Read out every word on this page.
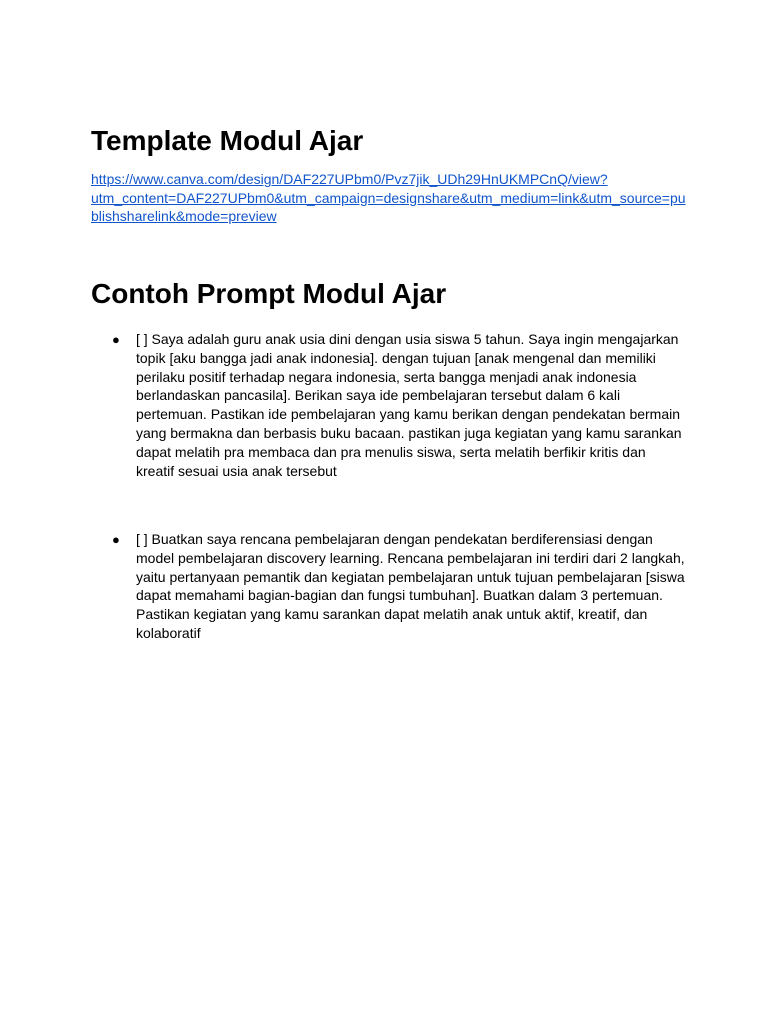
Template Modul Ajar
https://www.canva.com/design/DAF227UPbm0/Pvz7jik_UDh29HnUKMPCnQ/view?
utm_content=DAF227UPbm0&utm_campaign=designshare&utm_medium=link&utm_source=pu
blishsharelink&mode=preview
Contoh Prompt Modul Ajar
● [ ] Saya adalah guru anak usia dini dengan usia siswa 5 tahun. Saya ingin mengajarkan
topik [aku bangga jadi anak indonesia]. dengan tujuan [anak mengenal dan memiliki
perilaku positif terhadap negara indonesia, serta bangga menjadi anak indonesia
berlandaskan pancasila]. Berikan saya ide pembelajaran tersebut dalam 6 kali
pertemuan. Pastikan ide pembelajaran yang kamu berikan dengan pendekatan bermain
yang bermakna dan berbasis buku bacaan. pastikan juga kegiatan yang kamu sarankan
dapat melatih pra membaca dan pra menulis siswa, serta melatih berfikir kritis dan
kreatif sesuai usia anak tersebut
● [ ] Buatkan saya rencana pembelajaran dengan pendekatan berdiferensiasi dengan
model pembelajaran discovery learning. Rencana pembelajaran ini terdiri dari 2 langkah,
yaitu pertanyaan pemantik dan kegiatan pembelajaran untuk tujuan pembelajaran [siswa
dapat memahami bagian-bagian dan fungsi tumbuhan]. Buatkan dalam 3 pertemuan.
Pastikan kegiatan yang kamu sarankan dapat melatih anak untuk aktif, kreatif, dan
kolaboratif
